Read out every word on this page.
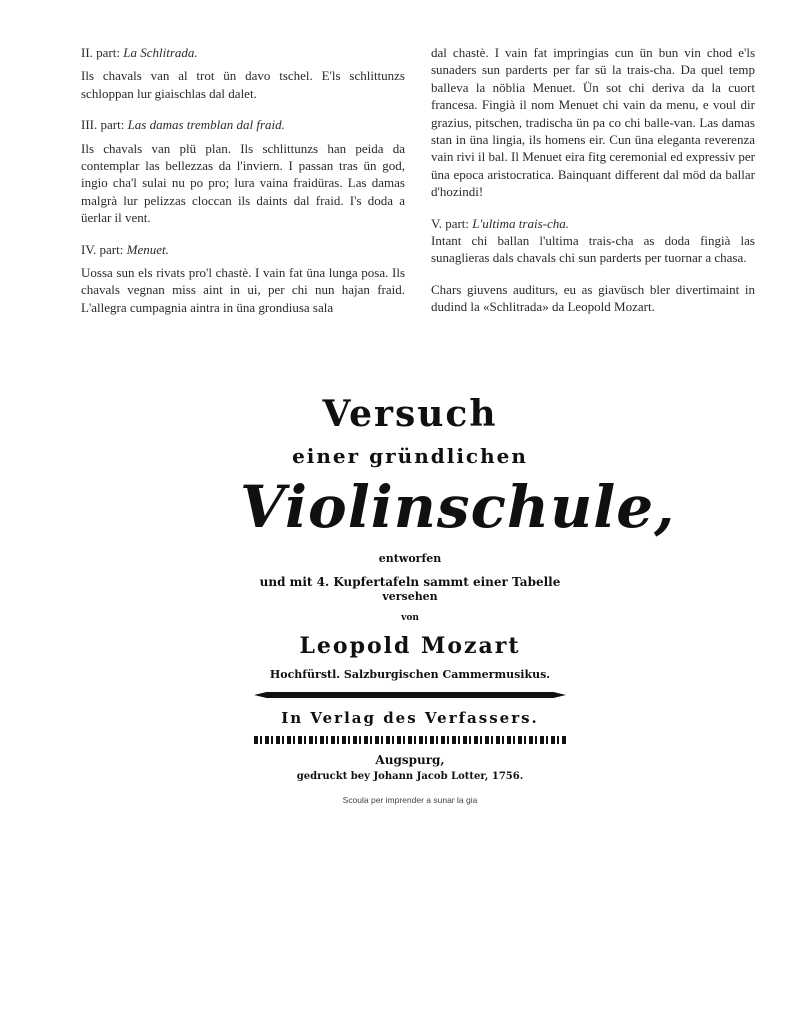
II. part: La Schlitrada.

Ils chavals van al trot ün davo tschel. E'ls schlittunzs schloppan lur giaischlas dal dalet.

III. part: Las damas tremblan dal fraid.

Ils chavals van plü plan. Ils schlittunzs han peida da contemplar las bellezzas da l'inviern. I passan tras ün god, ingio cha'l sulai nu po pro; lura vaina fraidüras. Las damas malgrà lur pelizzas cloccan ils daints dal fraid. I's doda a üerlar il vent.

IV. part: Menuet.

Uossa sun els rivats pro'l chastè. I vain fat üna lunga posa. Ils chavals vegnan miss aint in ui, per chi nun hajan fraid. L'allegra cumpagnia aintra in üna grondiusa sala

dal chastè. I vain fat impringias cun ün bun vin chod e'ls sunaders sun parderts per far sü la trais-cha. Da quel temp balleva la nöblia Menuet. Ün sot chi deriva da la cuort francesa. Fingià il nom Menuet chi vain da menu, e voul dir grazius, pitschen, tradischa ün pa co chi balle-van. Las damas stan in üna lingia, ils homens eir. Cun üna eleganta reverenza vain rivi il bal. Il Menuet eira fitg ceremonial ed expressiv per üna epoca aristocratica. Bainquant different dal möd da ballar d'hozindi!

V. part: L'ultima trais-cha.

Intant chi ballan l'ultima trais-cha as doda fingià las sunaglieras dals chavals chi sun parderts per tuornar a chasa.

Chars giuvens auditurs, eu as giavüsch bler divertimaint in dudind la «Schlitrada» da Leopold Mozart.

Versuch
einer gründlichen
Violinschule,
entworfen
und mit 4. Kupfertafeln sammt einer Tabelle
versehen
von
Leopold Mozart
Hochfürstl. Salzburgischen Cammermusikus.
In Verlag des Verfassers.
Augspurg,
gedruckt bey Johann Jacob Lotter, 1756.
Scoula per imprender a sunar la gia
